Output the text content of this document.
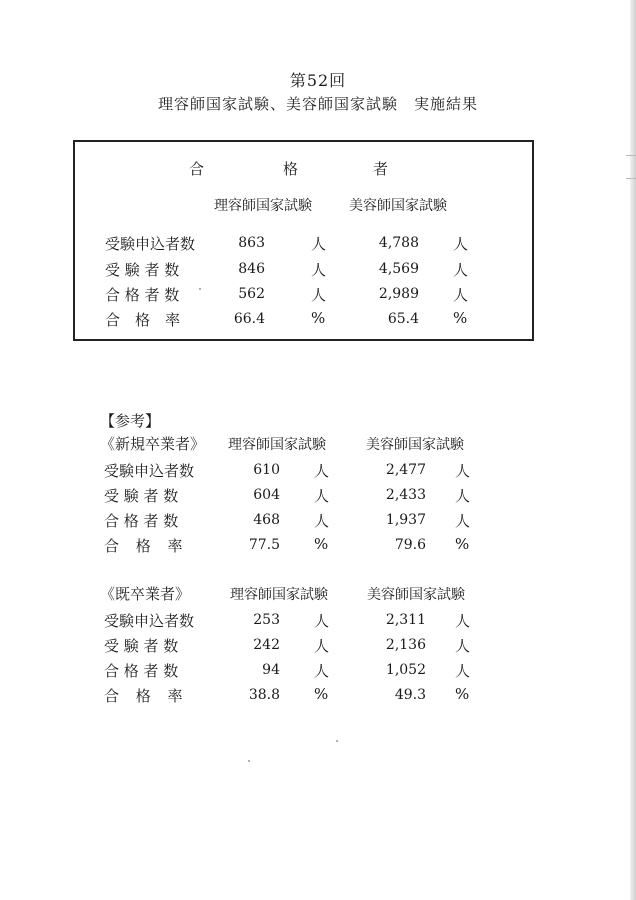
第52回
理容師国家試験、美容師国家試験　実施結果
合	格	者
理容師国家試験	美容師国家試験
受験申込者数	863	人	4,788 人
受 験 者 数	846	人	4,569 人
合 格 者 数	562	人	2,989 人
合　格　率	66.4	%	65.4 %
【参考】
《新規卒業者》 理容師国家試験	美容師国家試験
受験申込者数	610 人	2,477 人
受 験 者 数	604 人	2,433 人
合 格 者 数	468 人	1,937 人
合 格 率	77.5 %	79.6 %
《既卒業者》	理容師国家試験	美容師国家試験
受験申込者数	253 人	2,311 人
受 験 者 数	242 人	2,136 人
合 格 者 数	94 人	1,052 人
合 格 率	38.8 %	49.3 %
